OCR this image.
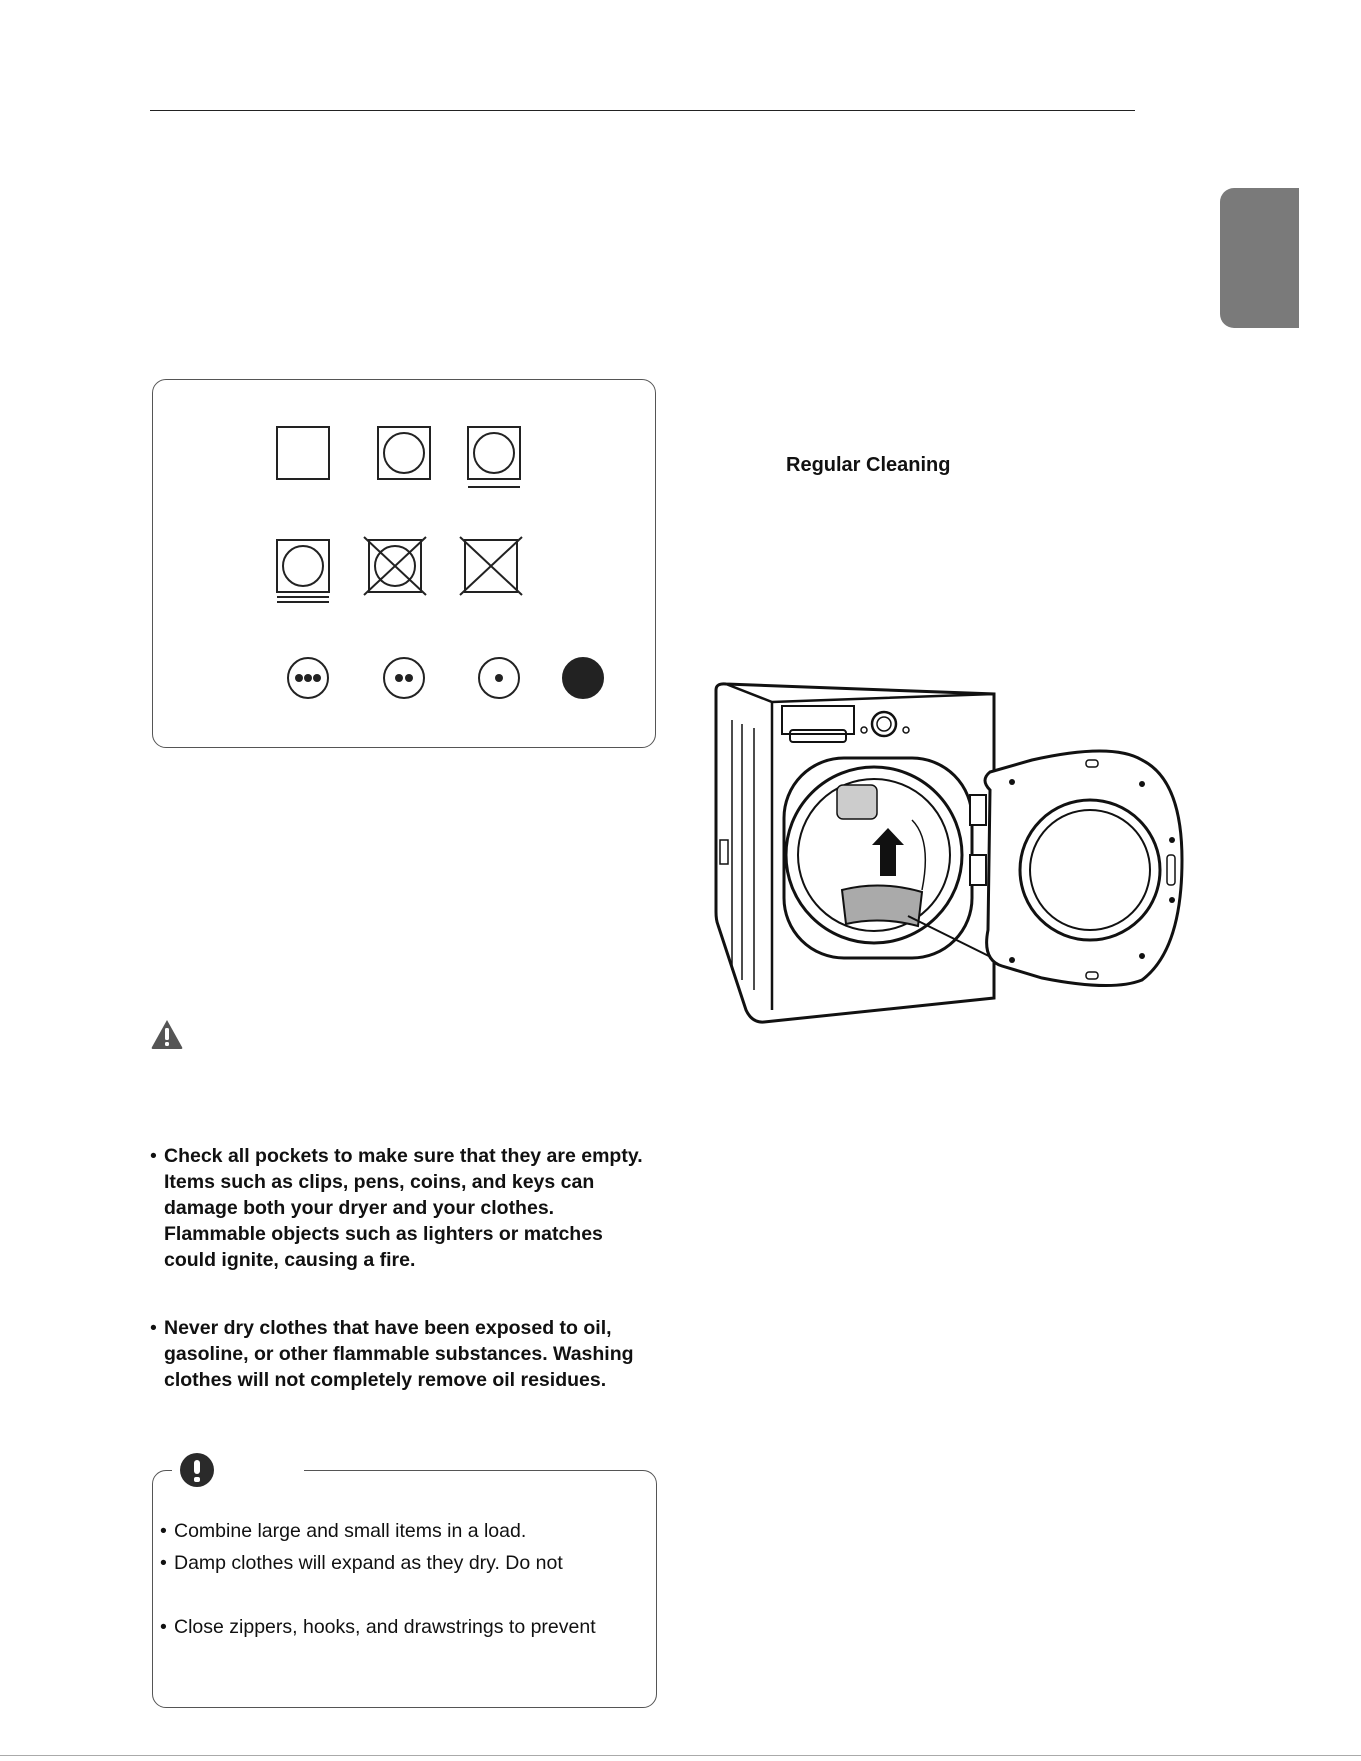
• Check all pockets to make sure that they are empty. Items such as clips, pens, coins, and keys can damage both your dryer and your clothes. Flammable objects such as lighters or matches could ignite, causing a fire.
• Never dry clothes that have been exposed to oil, gasoline, or other flammable substances. Washing clothes will not completely remove oil residues.
• Combine large and small items in a load.
• Damp clothes will expand as they dry. Do not
• Close zippers, hooks, and drawstrings to prevent
Regular Cleaning
